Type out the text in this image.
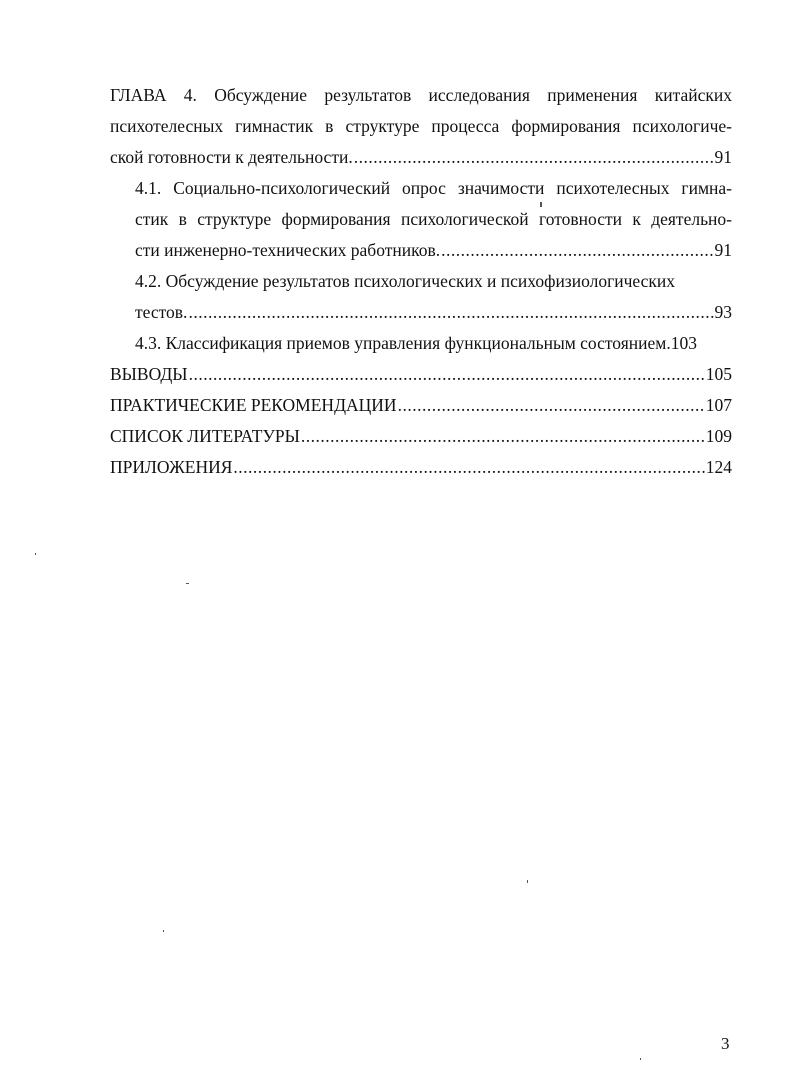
ГЛАВА 4. Обсуждение результатов исследования применения китайских
психотелесных гимнастик в структуре процесса формирования психологиче-
ской готовности к деятельности. .....	91
4.1. Социально-психологический опрос значимости психотелесных гимна-
стик в структуре формирования психологической готовности к деятельно-
сти инженерно-технических работников. .....	91
4.2. Обсуждение результатов психологических и психофизиологических
тестов. .....	93
4.3. Классификация приемов управления функциональным состоянием. 103
ВЫВОДЫ .....	105
ПРАКТИЧЕСКИЕ РЕКОМЕНДАЦИИ .....	107
СПИСОК ЛИТЕРАТУРЫ .....	109
ПРИЛОЖЕНИЯ .....	124
3
